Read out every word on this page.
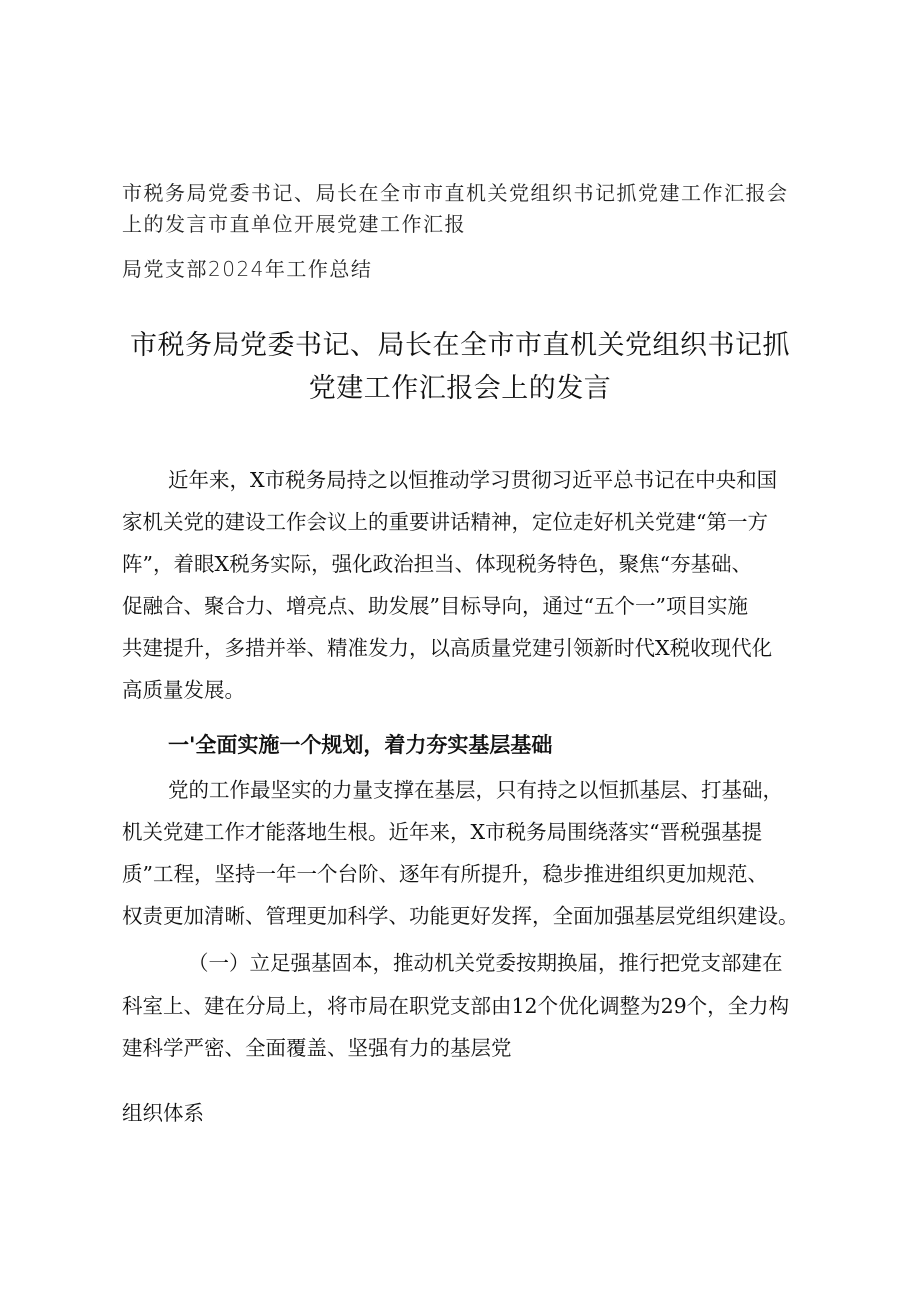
市税务局党委书记、局长在全市市直机关党组织书记抓党建工作汇报会
上的发言市直单位开展党建工作汇报
局党支部2024年工作总结
市税务局党委书记、局长在全市市直机关党组织书记抓
党建工作汇报会上的发言
近年来，X市税务局持之以恒推动学习贯彻习近平总书记在中央和国
家机关党的建设工作会议上的重要讲话精神，定位走好机关党建“第一方
阵”，着眼X税务实际，强化政治担当、体现税务特色，聚焦“夯基础、
促融合、聚合力、增亮点、助发展”目标导向，通过“五个一”项目实施
共建提升，多措并举、精准发力，以高质量党建引领新时代X税收现代化
高质量发展。
一'全面实施一个规划，着力夯实基层基础
党的工作最坚实的力量支撑在基层，只有持之以恒抓基层、打基础，
机关党建工作才能落地生根。近年来，X市税务局围绕落实“晋税强基提
质”工程，坚持一年一个台阶、逐年有所提升，稳步推进组织更加规范、
权责更加清晰、管理更加科学、功能更好发挥，全面加强基层党组织建设。
（一）立足强基固本，推动机关党委按期换届，推行把党支部建在
科室上、建在分局上，将市局在职党支部由12个优化调整为29个，全力构
建科学严密、全面覆盖、坚强有力的基层党
组织体系
